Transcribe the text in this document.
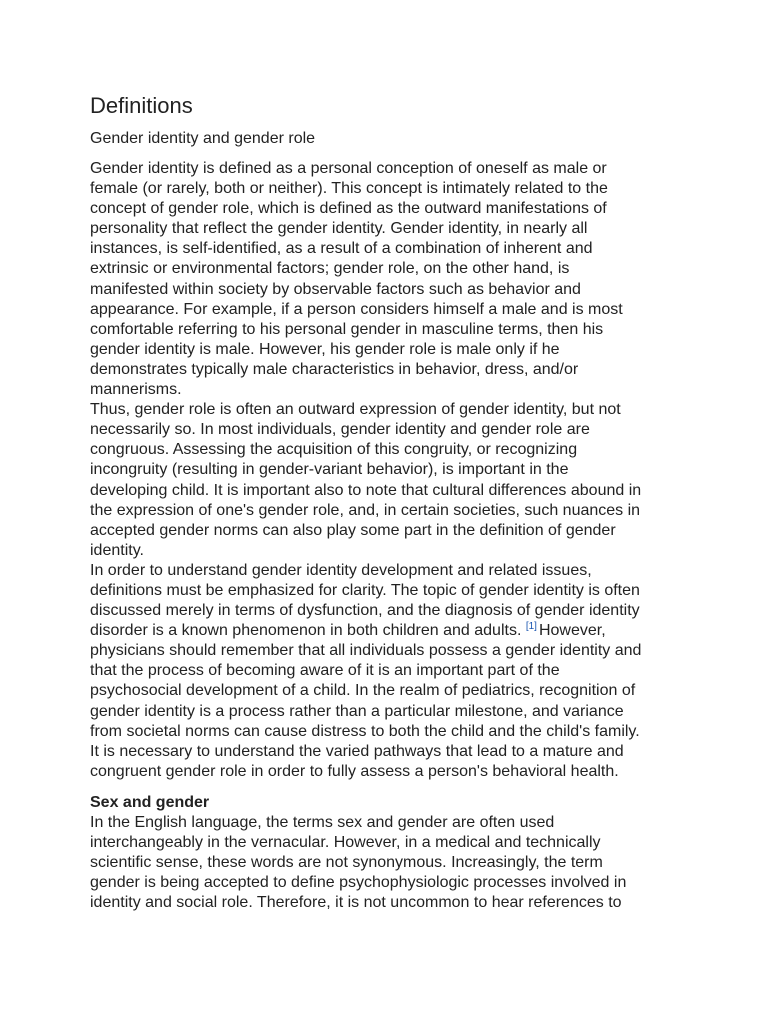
Definitions
Gender identity and gender role
Gender identity is defined as a personal conception of oneself as male or
female (or rarely, both or neither). This concept is intimately related to the
concept of gender role, which is defined as the outward manifestations of
personality that reflect the gender identity. Gender identity, in nearly all
instances, is self-identified, as a result of a combination of inherent and
extrinsic or environmental factors; gender role, on the other hand, is
manifested within society by observable factors such as behavior and
appearance. For example, if a person considers himself a male and is most
comfortable referring to his personal gender in masculine terms, then his
gender identity is male. However, his gender role is male only if he
demonstrates typically male characteristics in behavior, dress, and/or
mannerisms.
Thus, gender role is often an outward expression of gender identity, but not
necessarily so. In most individuals, gender identity and gender role are
congruous. Assessing the acquisition of this congruity, or recognizing
incongruity (resulting in gender-variant behavior), is important in the
developing child. It is important also to note that cultural differences abound in
the expression of one's gender role, and, in certain societies, such nuances in
accepted gender norms can also play some part in the definition of gender
identity.
In order to understand gender identity development and related issues,
definitions must be emphasized for clarity. The topic of gender identity is often
discussed merely in terms of dysfunction, and the diagnosis of gender identity
disorder is a known phenomenon in both children and adults. [1] However,
physicians should remember that all individuals possess a gender identity and
that the process of becoming aware of it is an important part of the
psychosocial development of a child. In the realm of pediatrics, recognition of
gender identity is a process rather than a particular milestone, and variance
from societal norms can cause distress to both the child and the child's family.
It is necessary to understand the varied pathways that lead to a mature and
congruent gender role in order to fully assess a person's behavioral health.
Sex and gender
In the English language, the terms sex and gender are often used
interchangeably in the vernacular. However, in a medical and technically
scientific sense, these words are not synonymous. Increasingly, the term
gender is being accepted to define psychophysiologic processes involved in
identity and social role. Therefore, it is not uncommon to hear references to
